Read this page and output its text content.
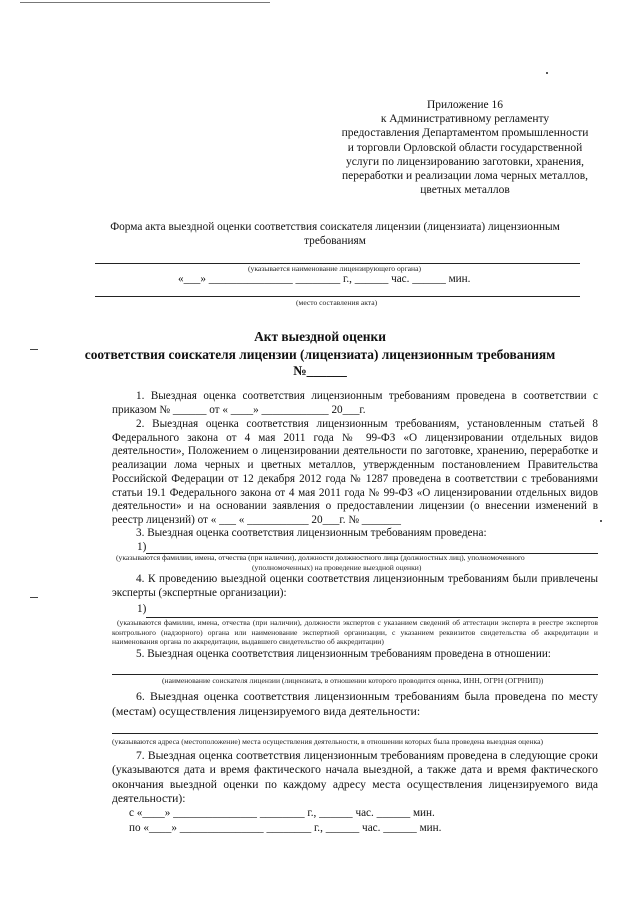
Приложение 16
к Административному регламенту
предоставления Департаментом промышленности
и торговли Орловской области государственной
услуги по лицензированию заготовки, хранения,
переработки и реализации лома черных металлов,
цветных металлов
Форма акта выездной оценки соответствия соискателя лицензии (лицензиата) лицензионным требованиям
(указывается наименование лицензирующего органа)
«___» _______________ ________ г., ______ час. ______ мин.
(место составления акта)
Акт выездной оценки
соответствия соискателя лицензии (лицензиата) лицензионным требованиям
№______
1. Выездная оценка соответствия лицензионным требованиям проведена в соответствии с
приказом № ______ от « ____» ____________ 20___г.
2. Выездная оценка соответствия лицензионным требованиям, установленным статьей 8 Федерального закона от 4 мая 2011 года № 99-ФЗ «О лицензировании отдельных видов деятельности», Положением о лицензировании деятельности по заготовке, хранению, переработке и реализации лома черных и цветных металлов, утвержденным постановлением Правительства Российской Федерации от 12 декабря 2012 года № 1287 проведена в соответствии с требованиями статьи 19.1 Федерального закона от 4 мая 2011 года № 99-ФЗ «О лицензировании отдельных видов деятельности» и на основании заявления о предоставлении лицензии (о внесении изменений в реестр лицензий) от « ___ « ___________ 20___г. № _______
3. Выездная оценка соответствия лицензионным требованиям проведена:
1)
(указываются фамилии, имена, отчества (при наличии), должности должностного лица (должностных лиц), уполномоченного
(уполномоченных) на проведение выездной оценки)
4. К проведению выездной оценки соответствия лицензионным требованиям были привлечены эксперты (экспертные организации):
1)
(указываются фамилии, имена, отчества (при наличии), должности экспертов с указанием сведений об аттестации эксперта в реестре экспертов контрольного (надзорного) органа или наименование экспертной организации, с указанием реквизитов свидетельства об аккредитации и наименования органа по аккредитации, выдавшего свидетельство об аккредитации)
5. Выездная оценка соответствия лицензионным требованиям проведена в отношении:
(наименование соискателя лицензии (лицензиата, в отношении которого проводится оценка, ИНН, ОГРН (ОГРНИП))
6. Выездная оценка соответствия лицензионным требованиям была проведена по месту (местам) осуществления лицензируемого вида деятельности:
(указываются адреса (местоположение) места осуществления деятельности, в отношении которых была проведена выездная оценка)
7. Выездная оценка соответствия лицензионным требованиям проведена в следующие сроки (указываются дата и время фактического начала выездной, а также дата и время фактического окончания выездной оценки по каждому адресу места осуществления лицензируемого вида деятельности):
с «____» _______________ ________ г., ______ час. ______ мин.
по «____» _______________ ________ г., ______ час. ______ мин.
